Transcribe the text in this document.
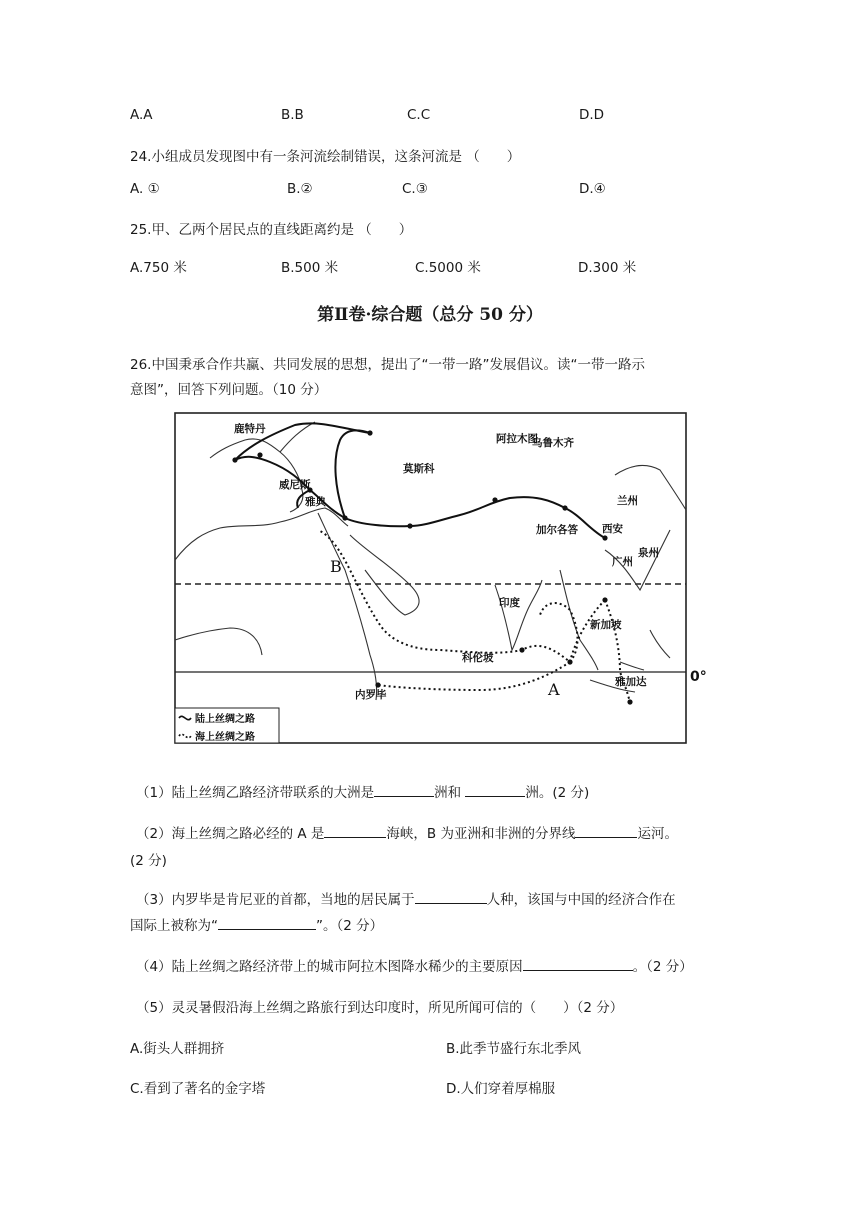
A.A	B.B	C.C	D.D
24.小组成员发现图中有一条河流绘制错误，这条河流是 （　　）
A. ①	B.②	C.③	D.④
25.甲、乙两个居民点的直线距离约是 （　　）
A.750 米	B.500 米	C.5000 米	D.300 米
第Ⅱ卷·综合题（总分 50 分）
26.中国秉承合作共赢、共同发展的思想，提出了“一带一路”发展倡议。读“一带一路示
意图”，回答下列问题。（10 分）
鹿特丹
威尼斯
雅典
莫斯科
阿拉木图
乌鲁木齐
兰州
西安
加尔各答
泉州
广州
印度
新加坡
科伦坡
雅加达
内罗毕	A
B
0°
陆上丝绸之路
海上丝绸之路
（1）陆上丝绸乙路经济带联系的大洲是	洲和	洲。(2 分)
（2）海上丝绸之路必经的 A 是	海峡，B 为亚洲和非洲的分界线	运河。
(2 分)
（3）内罗毕是肯尼亚的首都，当地的居民属于	人种，该国与中国的经济合作在
国际上被称为“	”。（2 分）
（4）陆上丝绸之路经济带上的城市阿拉木图降水稀少的主要原因	。（2 分）
（5）灵灵暑假沿海上丝绸之路旅行到达印度时，所见所闻可信的（　　）（2 分）
A.街头人群拥挤	B.此季节盛行东北季风
C.看到了著名的金字塔	D.人们穿着厚棉服
